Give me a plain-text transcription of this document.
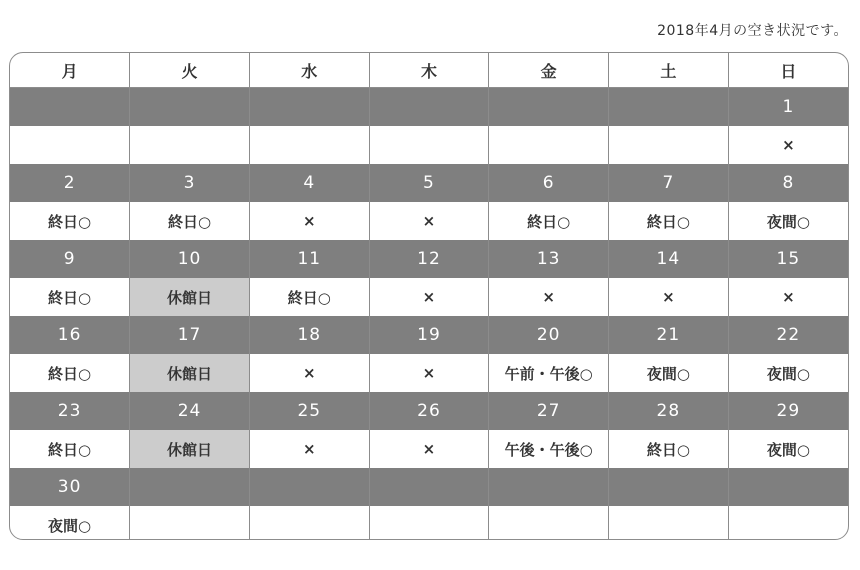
2018年4月の空き状況です。
月	火	水	木	金	土	日
						1
						×
2	3	4	5	6	7	8
終日○	終日○	×	×	終日○	終日○	夜間○
9	10	11	12	13	14	15
終日○	休館日	終日○	×	×	×	×
16	17	18	19	20	21	22
終日○	休館日	×	×	午前・午後○	夜間○	夜間○
23	24	25	26	27	28	29
終日○	休館日	×	×	午後・午後○	終日○	夜間○
30						
夜間○						
